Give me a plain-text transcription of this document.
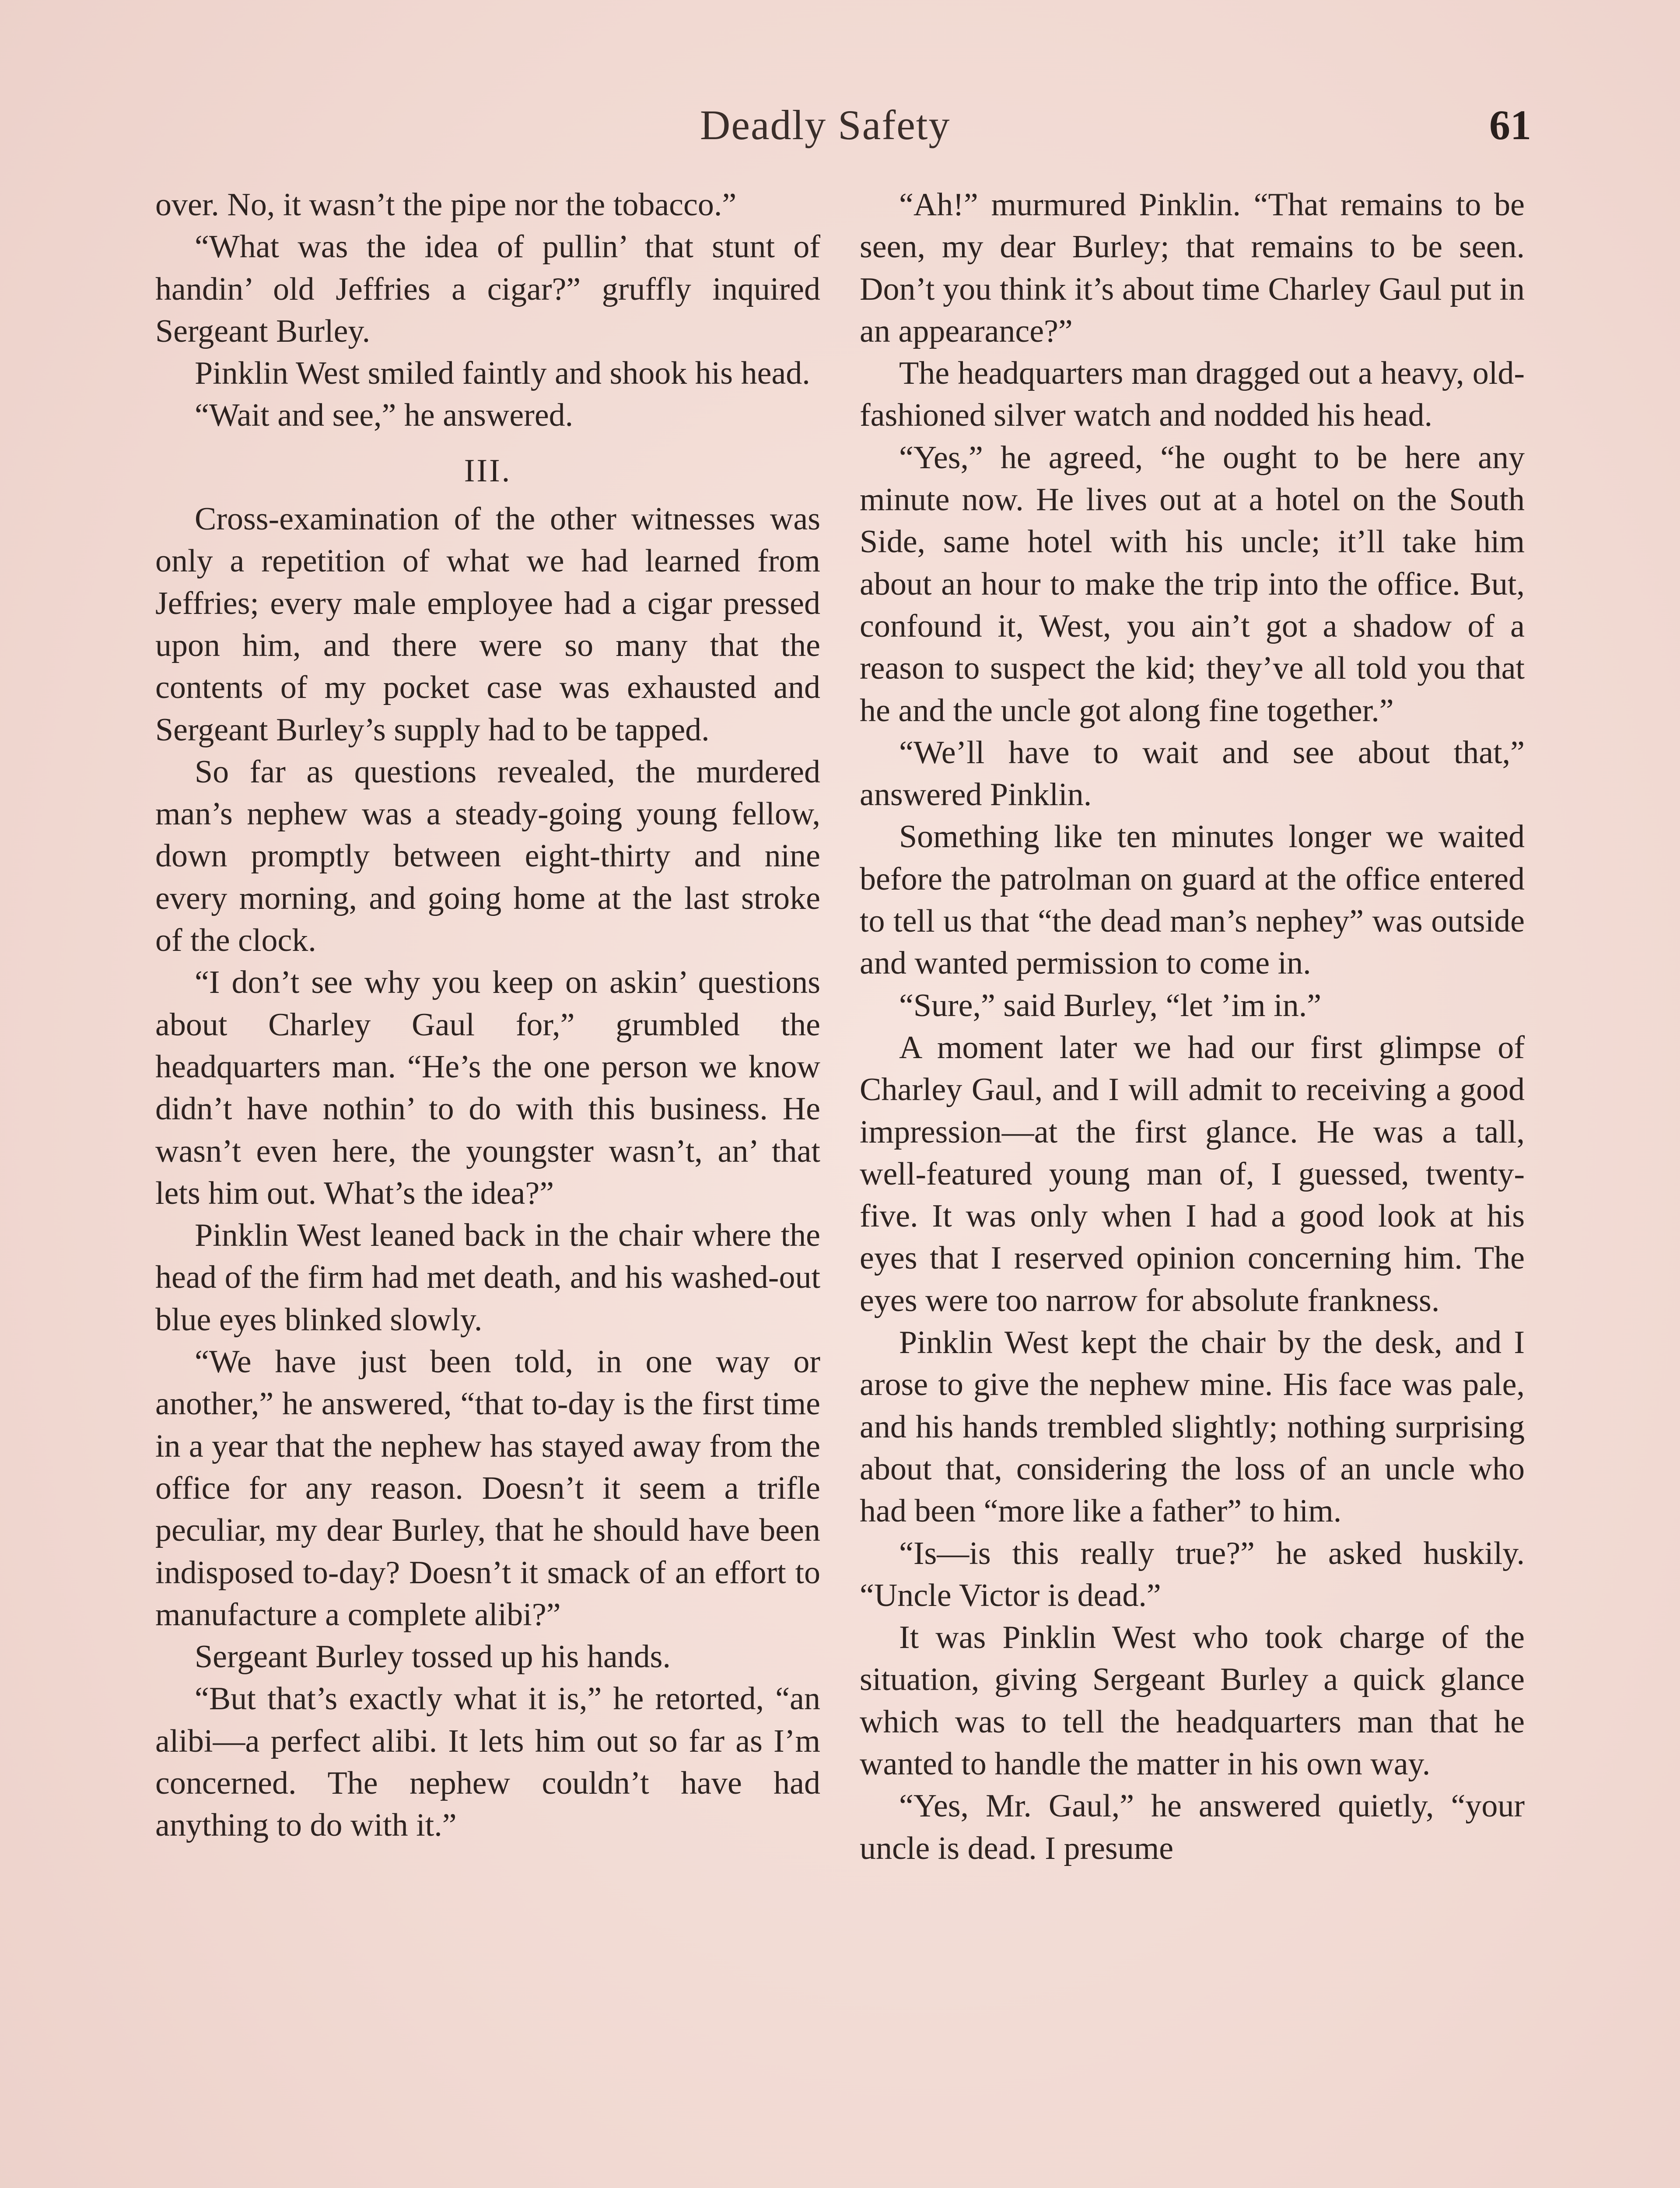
Deadly Safety	61

over. No, it wasn’t the pipe nor the tobacco.”

“What was the idea of pullin’ that stunt of handin’ old Jeffries a cigar?” gruffly inquired Sergeant Burley.

Pinklin West smiled faintly and shook his head.

“Wait and see,” he answered.

III.

Cross-examination of the other witnesses was only a repetition of what we had learned from Jeffries; every male employee had a cigar pressed upon him, and there were so many that the contents of my pocket case was exhausted and Sergeant Burley’s supply had to be tapped.

So far as questions revealed, the murdered man’s nephew was a steady-going young fellow, down promptly between eight-thirty and nine every morning, and going home at the last stroke of the clock.

“I don’t see why you keep on askin’ questions about Charley Gaul for,” grumbled the headquarters man. “He’s the one person we know didn’t have nothin’ to do with this business. He wasn’t even here, the youngster wasn’t, an’ that lets him out. What’s the idea?”

Pinklin West leaned back in the chair where the head of the firm had met death, and his washed-out blue eyes blinked slowly.

“We have just been told, in one way or another,” he answered, “that to-day is the first time in a year that the nephew has stayed away from the office for any reason. Doesn’t it seem a trifle peculiar, my dear Burley, that he should have been indisposed to-day? Doesn’t it smack of an effort to manufacture a complete alibi?”

Sergeant Burley tossed up his hands.

“But that’s exactly what it is,” he retorted, “an alibi—a perfect alibi. It lets him out so far as I’m concerned. The nephew couldn’t have had anything to do with it.”

“Ah!” murmured Pinklin. “That remains to be seen, my dear Burley; that remains to be seen. Don’t you think it’s about time Charley Gaul put in an appearance?”

The headquarters man dragged out a heavy, old-fashioned silver watch and nodded his head.

“Yes,” he agreed, “he ought to be here any minute now. He lives out at a hotel on the South Side, same hotel with his uncle; it’ll take him about an hour to make the trip into the office. But, confound it, West, you ain’t got a shadow of a reason to suspect the kid; they’ve all told you that he and the uncle got along fine together.”

“We’ll have to wait and see about that,” answered Pinklin.

Something like ten minutes longer we waited before the patrolman on guard at the office entered to tell us that “the dead man’s nephey” was outside and wanted permission to come in.

“Sure,” said Burley, “let ’im in.”

A moment later we had our first glimpse of Charley Gaul, and I will admit to receiving a good impression—at the first glance. He was a tall, well-featured young man of, I guessed, twenty-five. It was only when I had a good look at his eyes that I reserved opinion concerning him. The eyes were too narrow for absolute frankness.

Pinklin West kept the chair by the desk, and I arose to give the nephew mine. His face was pale, and his hands trembled slightly; nothing surprising about that, considering the loss of an uncle who had been “more like a father” to him.

“Is—is this really true?” he asked huskily. “Uncle Victor is dead.”

It was Pinklin West who took charge of the situation, giving Sergeant Burley a quick glance which was to tell the headquarters man that he wanted to handle the matter in his own way.

“Yes, Mr. Gaul,” he answered quietly, “your uncle is dead. I presume
